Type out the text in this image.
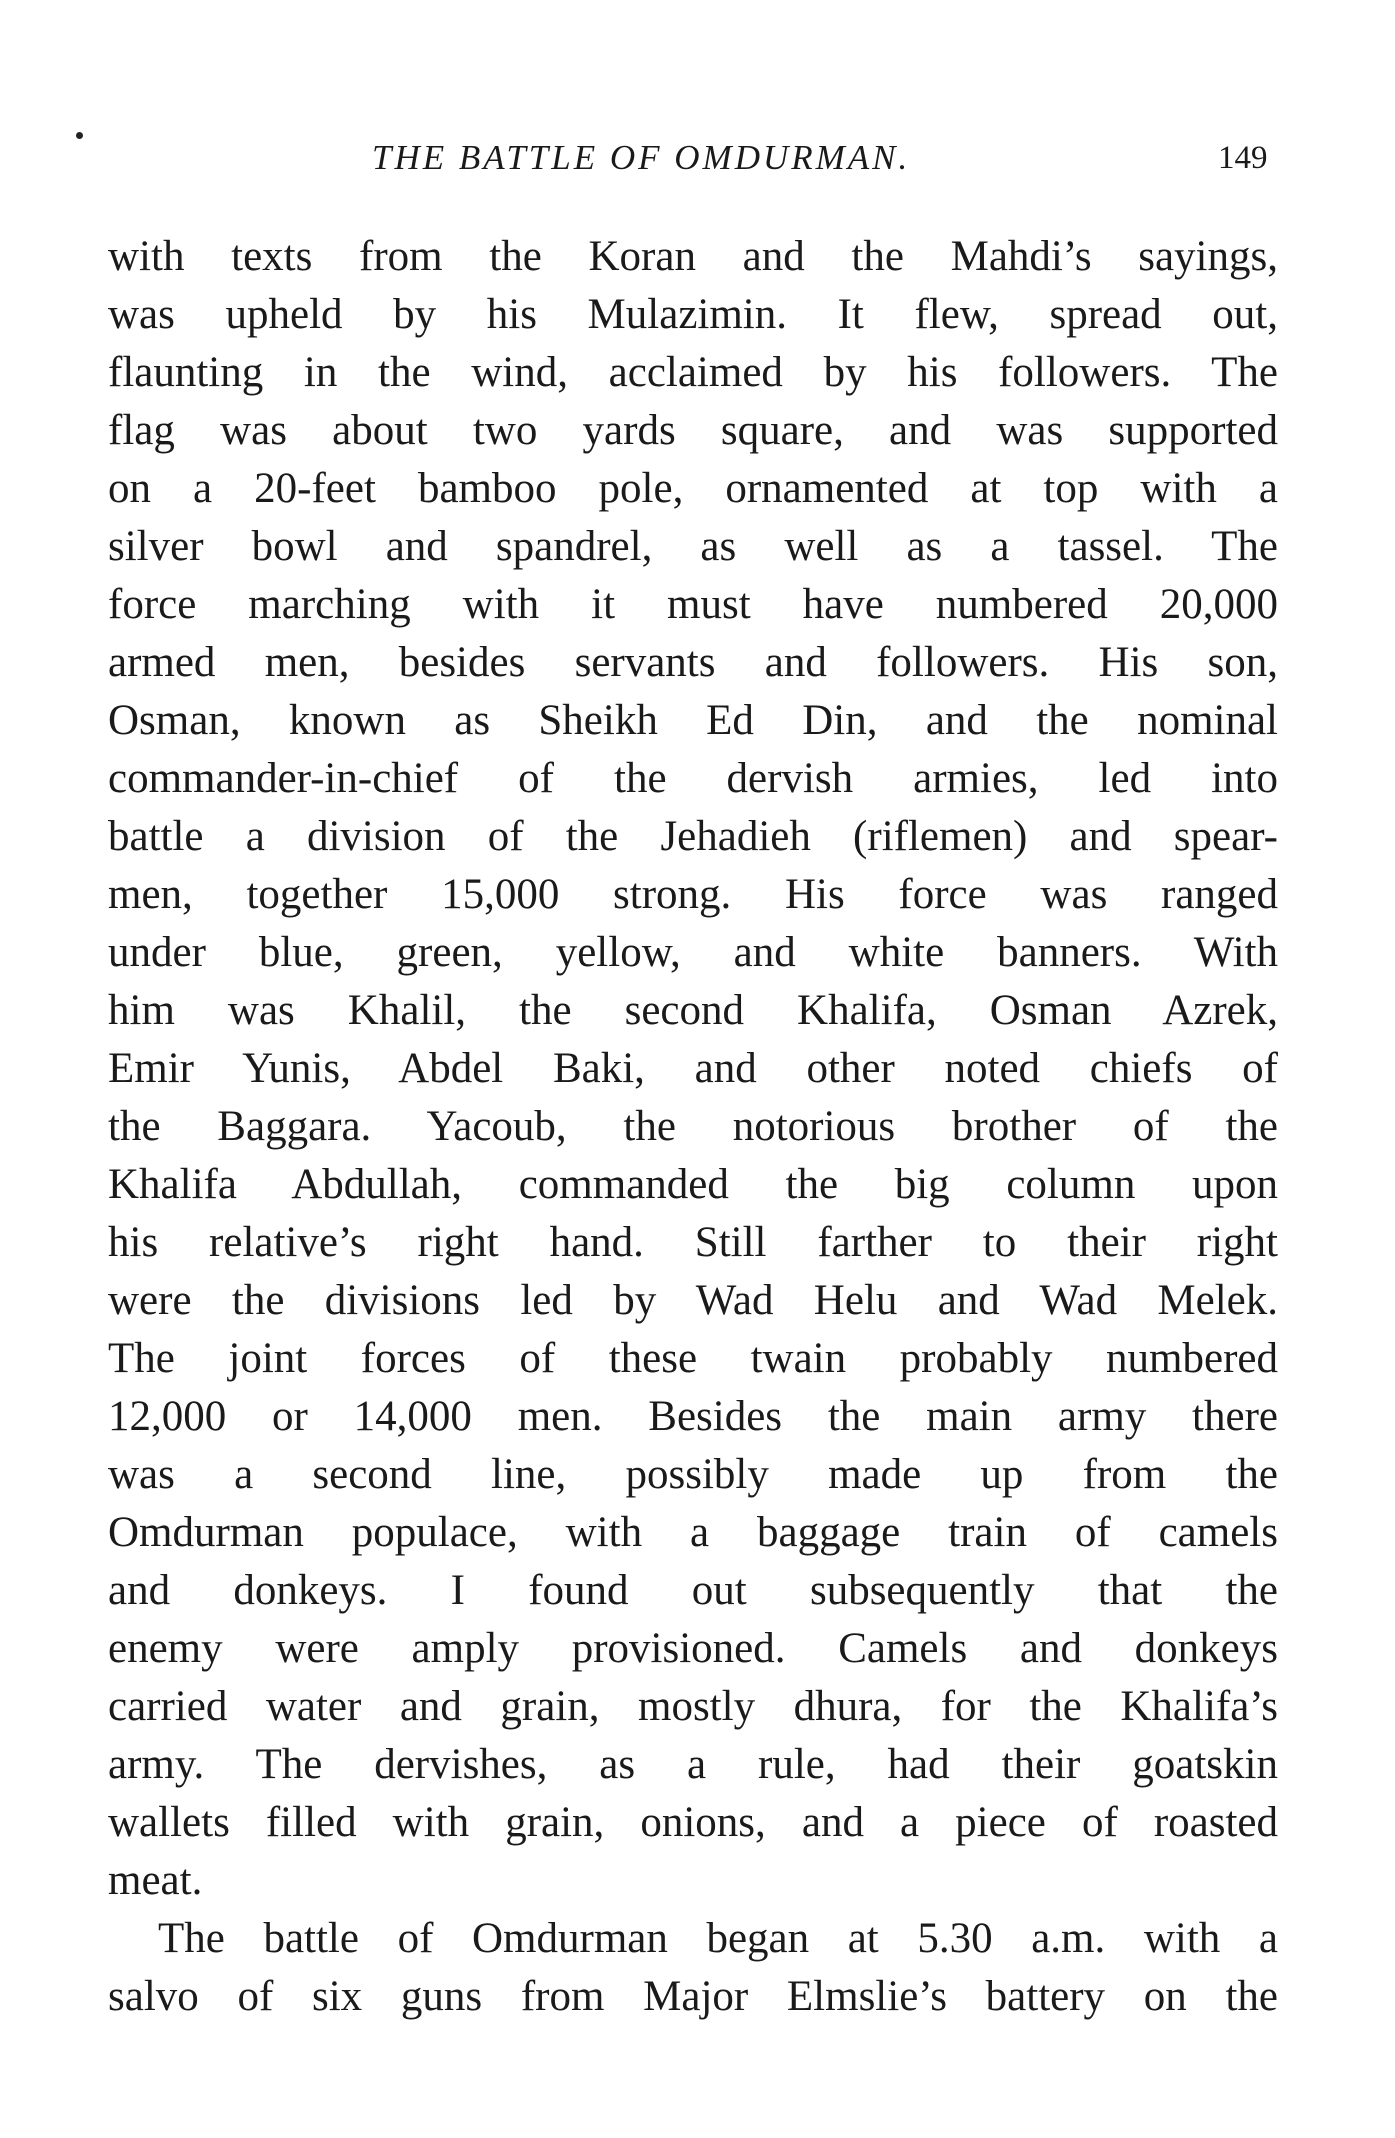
THE BATTLE OF OMDURMAN.	149
with texts from the Koran and the Mahdi’s sayings,
was upheld by his Mulazimin. It flew, spread out,
flaunting in the wind, acclaimed by his followers. The
flag was about two yards square, and was supported
on a 20-feet bamboo pole, ornamented at top with a
silver bowl and spandrel, as well as a tassel. The
force marching with it must have numbered 20,000
armed men, besides servants and followers. His son,
Osman, known as Sheikh Ed Din, and the nominal
commander-in-chief of the dervish armies, led into
battle a division of the Jehadieh (riflemen) and spear-
men, together 15,000 strong. His force was ranged
under blue, green, yellow, and white banners. With
him was Khalil, the second Khalifa, Osman Azrek,
Emir Yunis, Abdel Baki, and other noted chiefs of
the Baggara. Yacoub, the notorious brother of the
Khalifa Abdullah, commanded the big column upon
his relative’s right hand. Still farther to their right
were the divisions led by Wad Helu and Wad Melek.
The joint forces of these twain probably numbered
12,000 or 14,000 men. Besides the main army there
was a second line, possibly made up from the
Omdurman populace, with a baggage train of camels
and donkeys. I found out subsequently that the
enemy were amply provisioned. Camels and donkeys
carried water and grain, mostly dhura, for the Khalifa’s
army. The dervishes, as a rule, had their goatskin
wallets filled with grain, onions, and a piece of roasted
meat.
The battle of Omdurman began at 5.30 a.m. with a
salvo of six guns from Major Elmslie’s battery on the
